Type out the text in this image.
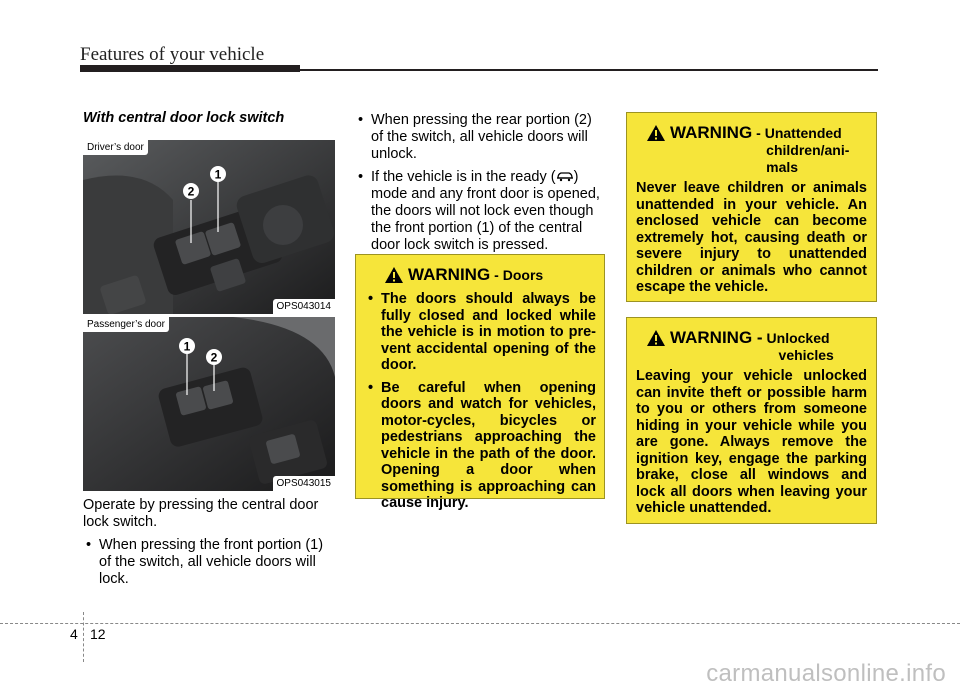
Features of your vehicle
With central door lock switch
2
1
Driver’s door
OPS043014
1
2
Passenger’s door
OPS043015
Operate by pressing the central door lock switch.

• When pressing the front portion (1) of the switch, all vehicle doors will lock.

• When pressing the rear portion (2) of the switch, all vehicle doors will unlock.

• If the vehicle is in the ready ( ) mode and any front door is opened, the doors will not lock even though the front portion (1) of the central door lock switch is pressed.

WARNING - Doors

• The doors should always be fully closed and locked while the vehicle is in motion to pre-vent accidental opening of the door.

• Be careful when opening doors and watch for vehicles, motor-cycles, bicycles or pedestrians approaching the vehicle in the path of the door. Opening a door when something is approaching can cause injury.

WARNING - Unattended
children/ani-
mals
Never leave children or animals unattended in your vehicle. An enclosed vehicle can become extremely hot, causing death or severe injury to unattended children or animals who cannot escape the vehicle.
WARNING - Unlocked
vehicles
Leaving your vehicle unlocked can invite theft or possible harm to you or others from someone hiding in your vehicle while you are gone. Always remove the ignition key, engage the parking brake, close all windows and lock all doors when leaving your vehicle unattended.
4 12
carmanualsonline.info
